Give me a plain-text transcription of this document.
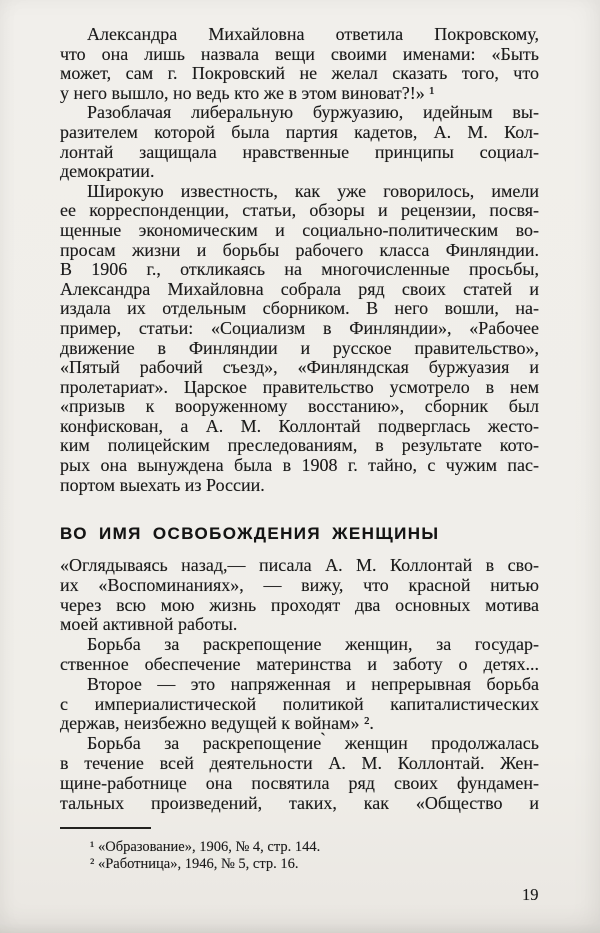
Александра Михайловна ответила Покровскому,
что она лишь назвала вещи своими именами: «Быть
может, сам г. Покровский не желал сказать того, что
у него вышло, но ведь кто же в этом виноват?!» ¹
Разоблачая либеральную буржуазию, идейным вы-
разителем которой была партия кадетов, А. М. Кол-
лонтай защищала нравственные принципы социал-
демократии.
Широкую известность, как уже говорилось, имели
ее корреспонденции, статьи, обзоры и рецензии, посвя-
щенные экономическим и социально-политическим во-
просам жизни и борьбы рабочего класса Финляндии.
В 1906 г., откликаясь на многочисленные просьбы,
Александра Михайловна собрала ряд своих статей и
издала их отдельным сборником. В него вошли, на-
пример, статьи: «Социализм в Финляндии», «Рабочее
движение в Финляндии и русское правительство»,
«Пятый рабочий съезд», «Финляндская буржуазия и
пролетариат». Царское правительство усмотрело в нем
«призыв к вооруженному восстанию», сборник был
конфискован, а А. М. Коллонтай подверглась жесто-
ким полицейским преследованиям, в результате кото-
рых она вынуждена была в 1908 г. тайно, с чужим пас-
портом выехать из России.
ВО ИМЯ ОСВОБОЖДЕНИЯ ЖЕНЩИНЫ
«Оглядываясь назад,— писала А. М. Коллонтай в сво-
их «Воспоминаниях», — вижу, что красной нитью
через всю мою жизнь проходят два основных мотива
моей активной работы.
Борьба за раскрепощение женщин, за государ-
ственное обеспечение материнства и заботу о детях...
Второе — это напряженная и непрерывная борьба
с империалистической политикой капиталистических
держав, неизбежно ведущей к войнам» ².
Борьба за раскрепощение ̀женщин продолжалась
в течение всей деятельности А. М. Коллонтай. Жен-
щине-работнице она посвятила ряд своих фундамен-
тальных произведений, таких, как «Общество и
¹ «Образование», 1906, № 4, стр. 144.
² «Работница», 1946, № 5, стр. 16.
19
